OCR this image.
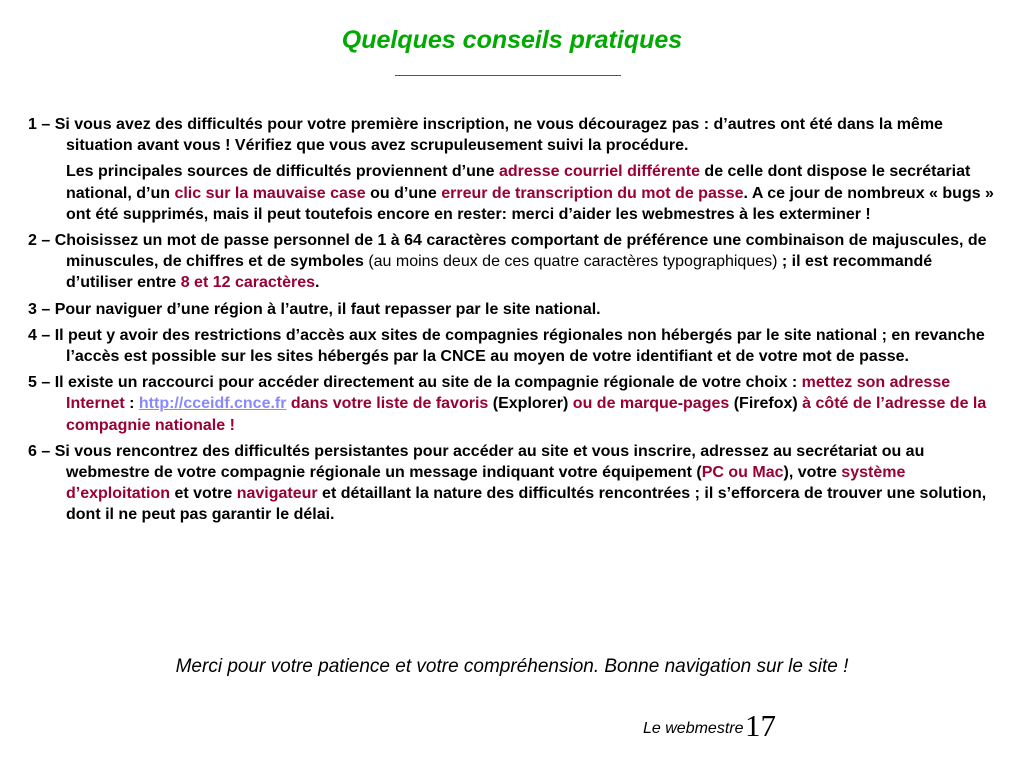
Quelques conseils pratiques

1 – Si vous avez des difficultés pour votre première inscription, ne vous découragez pas : d’autres ont été dans la même situation avant vous ! Vérifiez que vous avez scrupuleusement suivi la procédure.

Les principales sources de difficultés proviennent d’une adresse courriel différente de celle dont dispose le secrétariat national, d’un clic sur la mauvaise case ou d’une erreur de transcription du mot de passe. A ce jour de nombreux « bugs » ont été supprimés, mais il peut toutefois encore en rester: merci d’aider les webmestres à les exterminer !

2 – Choisissez un mot de passe personnel de 1 à 64 caractères comportant de préférence une combinaison de majuscules, de minuscules, de chiffres et de symboles (au moins deux de ces quatre caractères typographiques) ; il est recommandé d’utiliser entre 8 et 12 caractères.

3 – Pour naviguer d’une région à l’autre, il faut repasser par le site national.

4 – Il peut y avoir des restrictions d’accès aux sites de compagnies régionales non hébergés par le site national ; en revanche l’accès est possible sur les sites hébergés par la CNCE au moyen de votre identifiant et de votre mot de passe.

5 – Il existe un raccourci pour accéder directement au site de la compagnie régionale de votre choix : mettez son adresse Internet : http://cceidf.cnce.fr dans votre liste de favoris (Explorer) ou de marque-pages (Firefox) à côté de l’adresse de la compagnie nationale !

6 – Si vous rencontrez des difficultés persistantes pour accéder au site et vous inscrire, adressez au secrétariat ou au webmestre de votre compagnie régionale un message indiquant votre équipement (PC ou Mac), votre système d’exploitation et votre navigateur et détaillant la nature des difficultés rencontrées ; il s’efforcera de trouver une solution, dont il ne peut pas garantir le délai.

Merci pour votre patience et votre compréhension. Bonne navigation sur le site !
Le webmestre 17
